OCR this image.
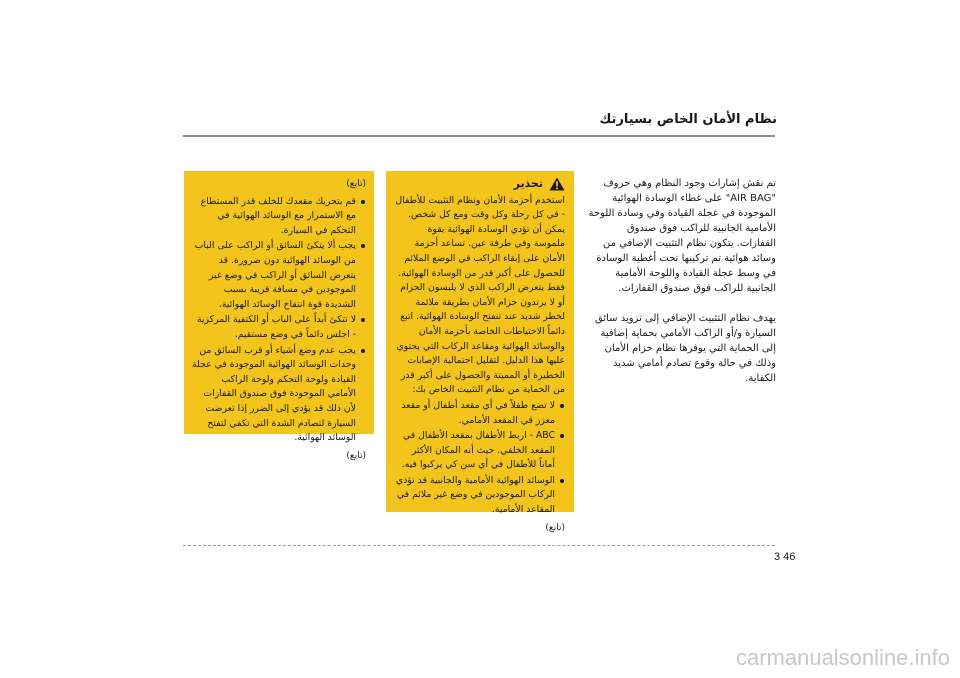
نظام الأمان الخاص بسيارتك

تم نقش إشارات وجود النظام وهي حروف "AIR BAG" على غطاء الوسادة الهوائية الموجودة في عجلة القيادة وفي وسادة اللوحة الأمامية الجانبية للراكب فوق صندوق القفازات. يتكون نظام التثبيت الإضافي من وسائد هوائية تم تركيبها تحت أغطية الوسادة في وسط عجلة القيادة واللوحة الأمامية الجانبية للراكب فوق صندوق القفازات.

يهدف نظام التثبيت الإضافي إلى تزويد سائق السيارة و/أو الراكب الأمامي بحماية إضافية إلى الحماية التي يوفرها نظام حزام الأمان وذلك في حالة وقوع تصادم أمامي شديد الكفاية.

تحذير

استخدم أحزمة الأمان ونظام التثبيت للأطفال - في كل رحلة وكل وقت ومع كل شخص. يمكن أن تؤدي الوسادة الهوائية بقوة ملموسة وفي طرفة عين. تساعد أحزمة الأمان على إبقاء الراكب في الوضع الملائم للحصول على أكبر قدر من الوسادة الهوائية. فقط يتعرض الراكب الذي لا يلبسون الحزام أو لا يرتدون حزام الأمان بطريقة ملائمة لخطر شديد عند تنفتح الوسادة الهوائية. اتبع دائماً الاحتياطات الخاصة بأحزمة الأمان والوسائد الهوائية ومقاعد الركاب التي يحتوي عليها هذا الدليل. لتقليل احتمالية الإصابات الخطيرة أو المميتة والحصول على أكبر قدر من الحماية من نظام التثبيت الخاص بك:

لا تضع طفلاً في أي مقعد أطفال أو مقعد معزز في المقعد الأمامي.
ABC - اربط الأطفال بمقعد الأطفال في المقعد الخلفي. حيث أنه المكان الأكثر أماناً للأطفال في أي سن كي يركبوا فيه.
الوسائد الهوائية الأمامية والجانبية قد تؤذي الركاب الموجودين في وضع غير ملائم في المقاعد الأمامية.
(تابع)
(تابع)
قم بتحريك مقعدك للخلف قدر المستطاع مع الاستمرار مع الوسائد الهوائية في التحكم في السيارة.
يجب ألا يتكئ السائق أو الراكب على الباب من الوسائد الهوائية دون ضرورة. قد يتعرض السائق أو الراكب في وضع غير الموجودين في مسافة قريبة بسبب الشديدة قوة انتفاخ الوسائد الهوائية.
لا تتكئ أبداً على الباب أو الكتفية المركزية - اجلس دائماً في وضع مستقيم.
يجب عدم وضع أشياء أو قرب السائق من وحدات الوسائد الهوائية الموجودة في عجلة القيادة ولوحة التحكم ولوحة الراكب الأمامي الموجودة فوق صندوق القفازات لأن ذلك قد يؤدي إلى الضرر إذا تعرضت السيارة لتصادم الشدة التي تكفي لتفتح الوسائد الهوائية.
(تابع)
3 46
carmanualsonline.info
